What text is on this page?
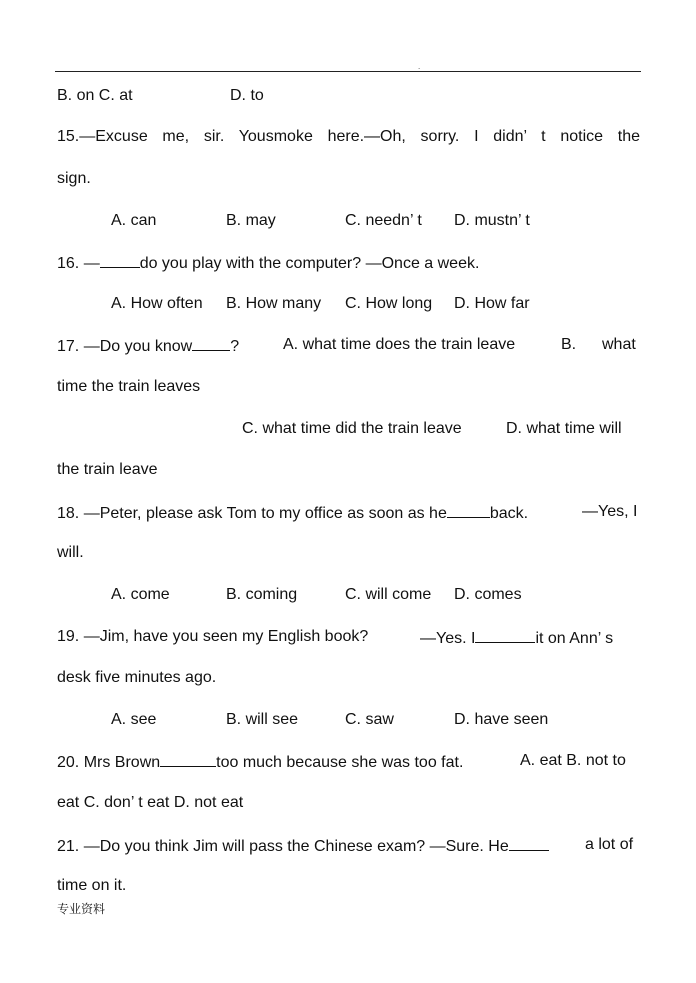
.
B. on C. at	D. to
15.—Excuse me, sir. Yousmoke here.—Oh, sorry. I didn’ t notice the
sign.
A. can	B. may	C. needn’ t D. mustn’ t
16. —	do you play with the computer? —Once a week.
A. How often B. How many C. How long D. How far
17. —Do you know ?	A. what time does the train leave	B. what
time the train leaves
C. what time did the train leave	D. what time will
the train leave
18. —Peter, please ask Tom to my office as soon as he	back.	—Yes, I
will.
A. come	B. coming	C. will come D. comes
19. —Jim, have you seen my English book?	—Yes. I	it on Ann’ s
desk five minutes ago.
A. see	B. will see	C. saw	D. have seen
20. Mrs Brown	too much because she was too fat.	A. eat B. not to
eat C. don’ t eat D. not eat
21. —Do you think Jim will pass the Chinese exam? —Sure. He	a lot of
time on it.
专业资料
